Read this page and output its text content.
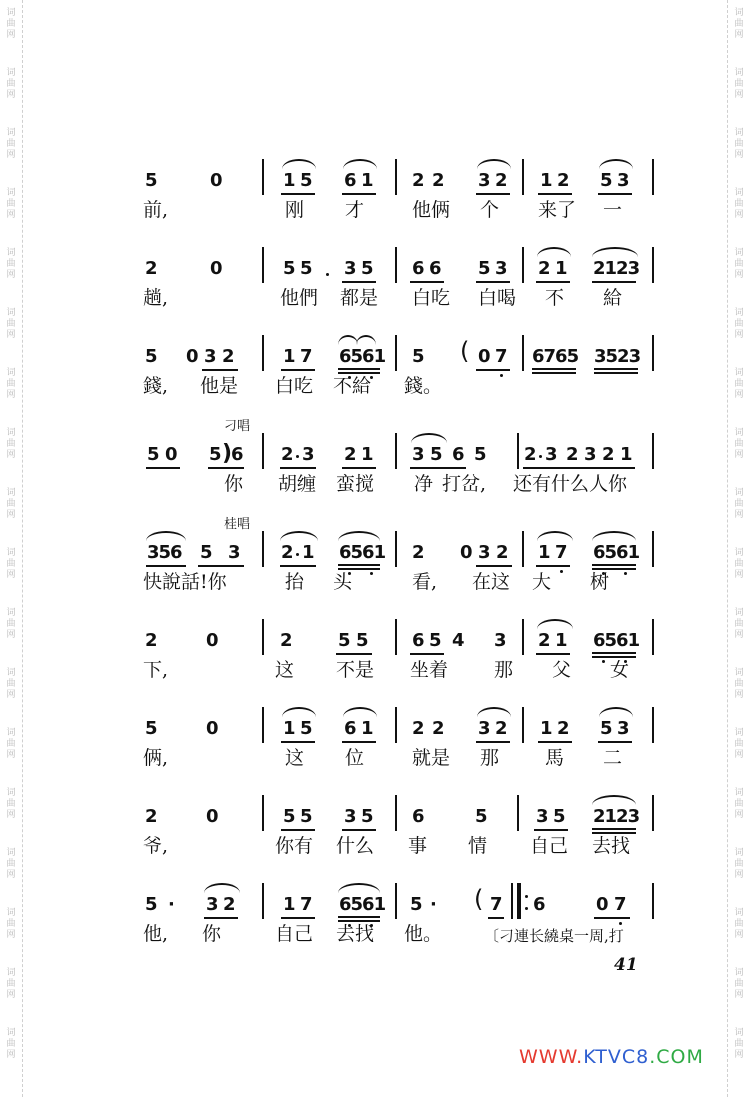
词
曲
网
词
曲
网
词
曲
网
词
曲
网
词
曲
网
词
曲
网
词
曲
网
词
曲
网
词
曲
网
词
曲
网
词
曲
网
词
曲
网
词
曲
网
词
曲
网
词
曲
网
词
曲
网
词
曲
网
词
曲
网
词
曲
网
词
曲
网
词
曲
网
词
曲
网
词
曲
网
词
曲
网
词
曲
网
词
曲
网
词
曲
网
词
曲
网
词
曲
网
词
曲
网
词
曲
网
词
曲
网
词
曲
网
词
曲
网
词
曲
网
词
曲
网
5	0	1 5 6 1 2 2 3 2 1 2 5 3
前,	刚 才	他俩 个 来了 一
2	0	5 5 3 5 6 6 5 3 2 1 2123
趟,	他們 都是 白吃 白喝 不 給
5 0 3 2	1 7 6561 5 ( 0 7 6765 3523
錢, 他是 白吃 不給 錢。
刁唱
5 0 5 )
6 2 3 2 1 3 5 6 5 2 3 2 3 2 1
你 胡缠 蛮搅 净 打岔, 还有什么人你
桂唱
356 5 3 2 1 6561 2 0 3 2 1 7 6561
快說話!你	抬 头	看, 在这 大 树
2	0	2	5 5 6 5 4 3 2 1 6561
下,	这 不是 坐着 那 父 女
5	0	1 5 6 1 2 2 3 2 1 2 5 3
俩,	这 位	就是 那 馬 二
2	0	5 5 3 5 6	5	3 5 2123
爷,	你有 什么 事 情 自己 去找
5 · 3 2	1 7 6561 5 · ( 7 6	0 7
他, 你	自己 去找 他。	〔刁連长繞桌一周,打
41
WWW.KTVC8.COM
